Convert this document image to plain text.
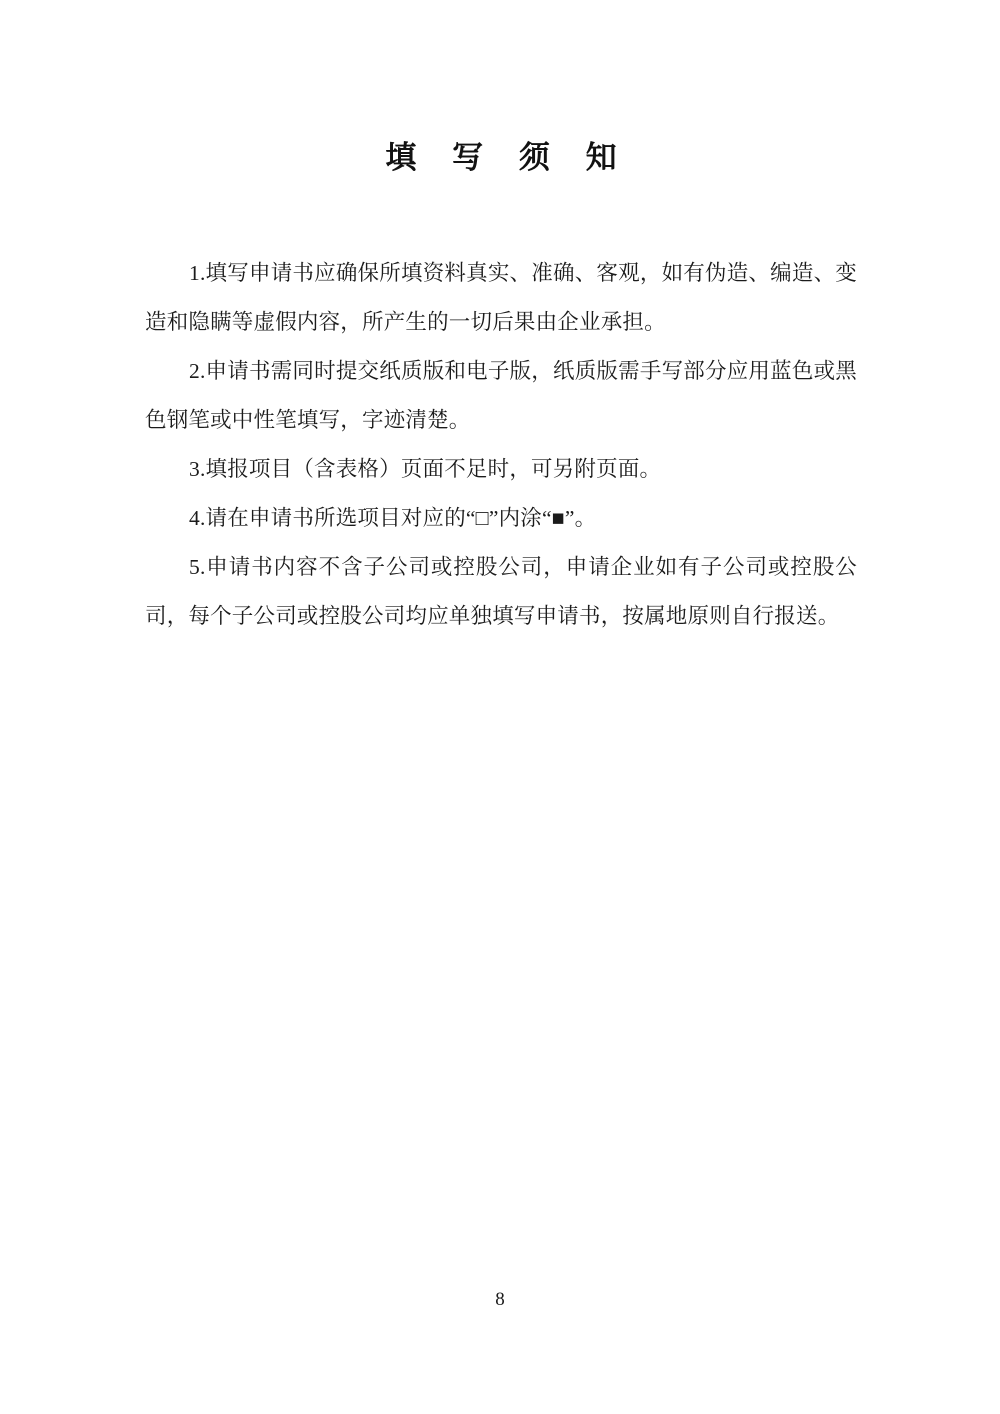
填 写 须 知

1.填写申请书应确保所填资料真实、准确、客观，如有伪造、编造、变造和隐瞒等虚假内容，所产生的一切后果由企业承担。

2.申请书需同时提交纸质版和电子版，纸质版需手写部分应用蓝色或黑色钢笔或中性笔填写，字迹清楚。

3.填报项目（含表格）页面不足时，可另附页面。

4.请在申请书所选项目对应的“□”内涂“■”。

5.申请书内容不含子公司或控股公司，申请企业如有子公司或控股公司，每个子公司或控股公司均应单独填写申请书，按属地原则自行报送。

8
